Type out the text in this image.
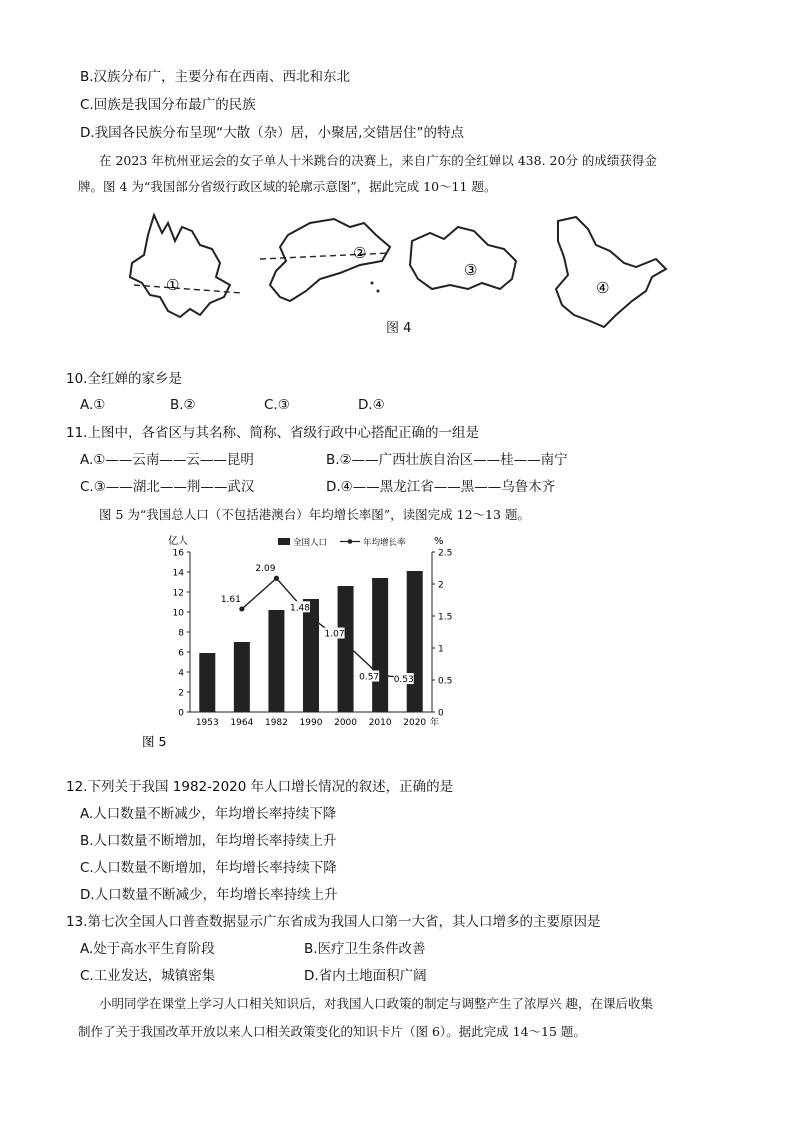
B.汉族分布广，主要分布在西南、西北和东北
C.回族是我国分布最广的民族
D.我国各民族分布呈现“大散（杂）居，小聚居,交错居住”的特点
在 2023 年杭州亚运会的女子单人十米跳台的决赛上，来自广东的全红婵以 438. 20分 的成绩获得金
牌。图 4 为“我国部分省级行政区域的轮廓示意图”，据此完成 10～11 题。
①
②
③
④
图 4
10.全红婵的家乡是
A.①	B.②	C.③	D.④
11.上图中，各省区与其名称、简称、省级行政中心搭配正确的一组是
A.①——云南——云——昆明	B.②——广西壮族自治区——桂——南宁
C.③——湖北——荆——武汉	D.④——黑龙江省——黑——乌鲁木齐
图 5 为“我国总人口（不包括港澳台）年均增长率图”，读图完成 12～13 题。
0
2
4
6
8
10
12
14
16
0
0.5
1
1.5
2
2.5
亿人	%
1953 1964 1982 1990 2000 2010 2020 年
1.61
2.09
1.48
1.07
0.57 0.53
全国人口	年均增长率
图 5
12.下列关于我国 1982-2020 年人口增长情况的叙述，正确的是
A.人口数量不断减少，年均增长率持续下降
B.人口数量不断增加，年均增长率持续上升
C.人口数量不断增加，年均增长率持续下降
D.人口数量不断减少，年均增长率持续上升
13.第七次全国人口普查数据显示广东省成为我国人口第一大省，其人口增多的主要原因是
A.处于高水平生育阶段	B.医疗卫生条件改善
C.工业发达，城镇密集	D.省内土地面积广阔
小明同学在课堂上学习人口相关知识后，对我国人口政策的制定与调整产生了浓厚兴 趣，在课后收集
制作了关于我国改革开放以来人口相关政策变化的知识卡片（图 6）。据此完成 14～15 题。
